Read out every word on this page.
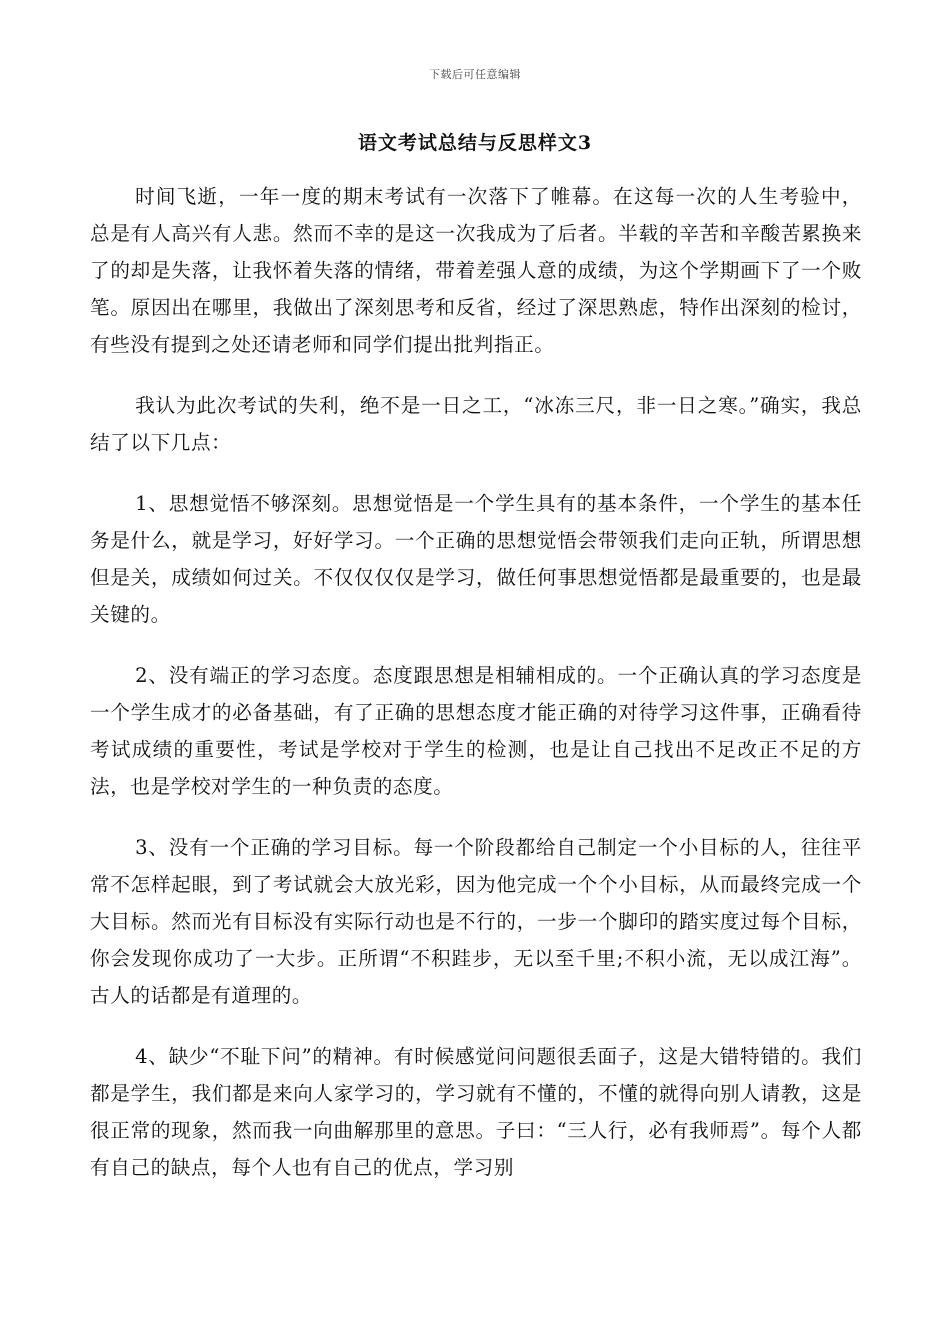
下载后可任意编辑
语文考试总结与反思样文3

时间飞逝，一年一度的期末考试有一次落下了帷幕。在这每一次的人生考验中，总是有人高兴有人悲。然而不幸的是这一次我成为了后者。半载的辛苦和辛酸苦累换来了的却是失落，让我怀着失落的情绪，带着差强人意的成绩，为这个学期画下了一个败笔。原因出在哪里，我做出了深刻思考和反省，经过了深思熟虑，特作出深刻的检讨，有些没有提到之处还请老师和同学们提出批判指正。

我认为此次考试的失利，绝不是一日之工，“冰冻三尺，非一日之寒。”确实，我总结了以下几点：

1、思想觉悟不够深刻。思想觉悟是一个学生具有的基本条件，一个学生的基本任务是什么，就是学习，好好学习。一个正确的思想觉悟会带领我们走向正轨，所谓思想但是关，成绩如何过关。不仅仅仅仅是学习，做任何事思想觉悟都是最重要的，也是最关键的。

2、没有端正的学习态度。态度跟思想是相辅相成的。一个正确认真的学习态度是一个学生成才的必备基础，有了正确的思想态度才能正确的对待学习这件事，正确看待考试成绩的重要性，考试是学校对于学生的检测，也是让自己找出不足改正不足的方法，也是学校对学生的一种负责的态度。

3、没有一个正确的学习目标。每一个阶段都给自己制定一个小目标的人，往往平常不怎样起眼，到了考试就会大放光彩，因为他完成一个个小目标，从而最终完成一个大目标。然而光有目标没有实际行动也是不行的，一步一个脚印的踏实度过每个目标，你会发现你成功了一大步。正所谓“不积跬步，无以至千里;不积小流，无以成江海”。古人的话都是有道理的。

4、缺少“不耻下问”的精神。有时候感觉问问题很丢面子，这是大错特错的。我们都是学生，我们都是来向人家学习的，学习就有不懂的，不懂的就得向别人请教，这是很正常的现象，然而我一向曲解那里的意思。子曰：“三人行，必有我师焉”。每个人都有自己的缺点，每个人也有自己的优点，学习别
